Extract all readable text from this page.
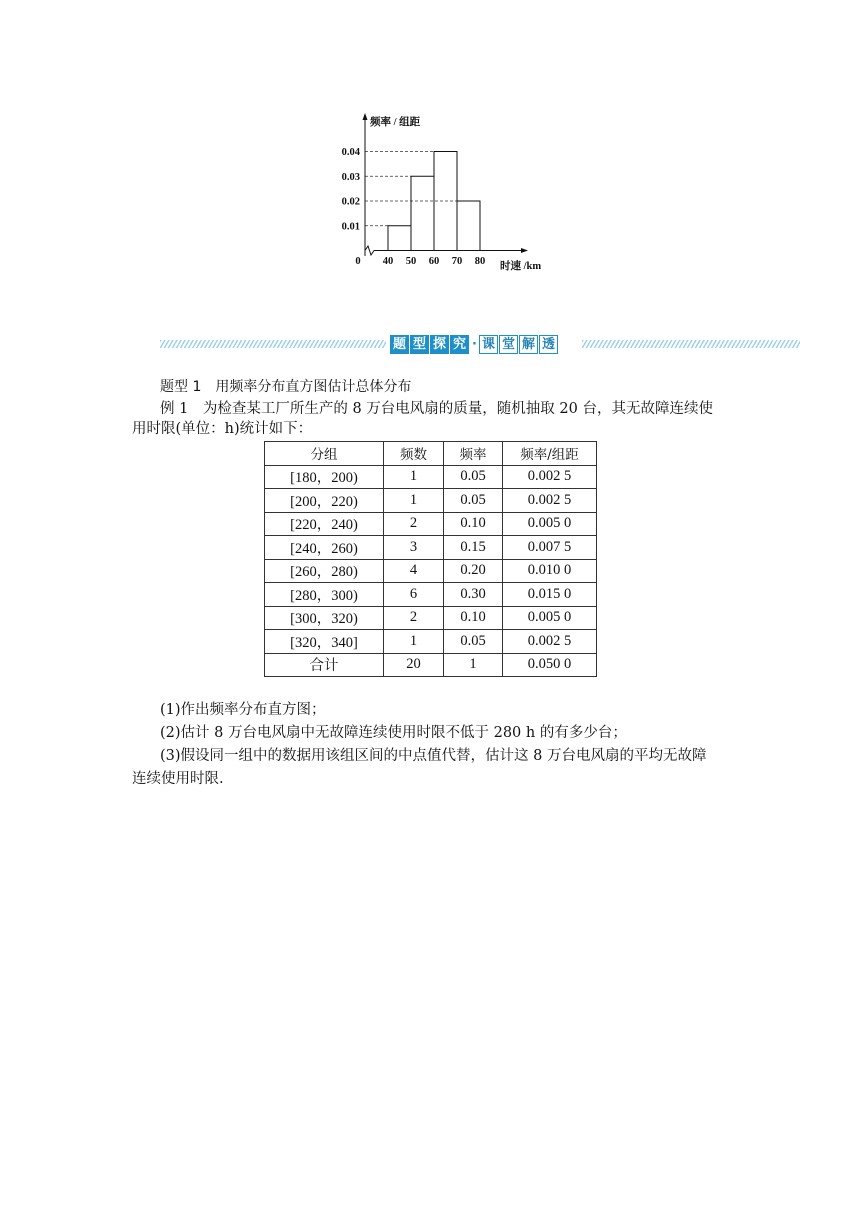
0.01
0.02
0.03
0.04
40 50 60 70 80
频率 / 组距
时速 /km
0
题 型 探 究 · 课 堂 解 透
题型 1　用频率分布直方图估计总体分布
例 1　为检查某工厂所生产的 8 万台电风扇的质量，随机抽取 20 台，其无故障连续使
用时限(单位：h)统计如下：
分组	频数	频率	频率/组距
[180，200)	1	0.05	0.002 5
[200，220)	1	0.05	0.002 5
[220，240)	2	0.10	0.005 0
[240，260)	3	0.15	0.007 5
[260，280)	4	0.20	0.010 0
[280，300)	6	0.30	0.015 0
[300，320)	2	0.10	0.005 0
[320，340]	1	0.05	0.002 5
合计	20	1	0.050 0
(1)作出频率分布直方图；
(2)估计 8 万台电风扇中无故障连续使用时限不低于 280 h 的有多少台；
(3)假设同一组中的数据用该组区间的中点值代替，估计这 8 万台电风扇的平均无故障
连续使用时限.
